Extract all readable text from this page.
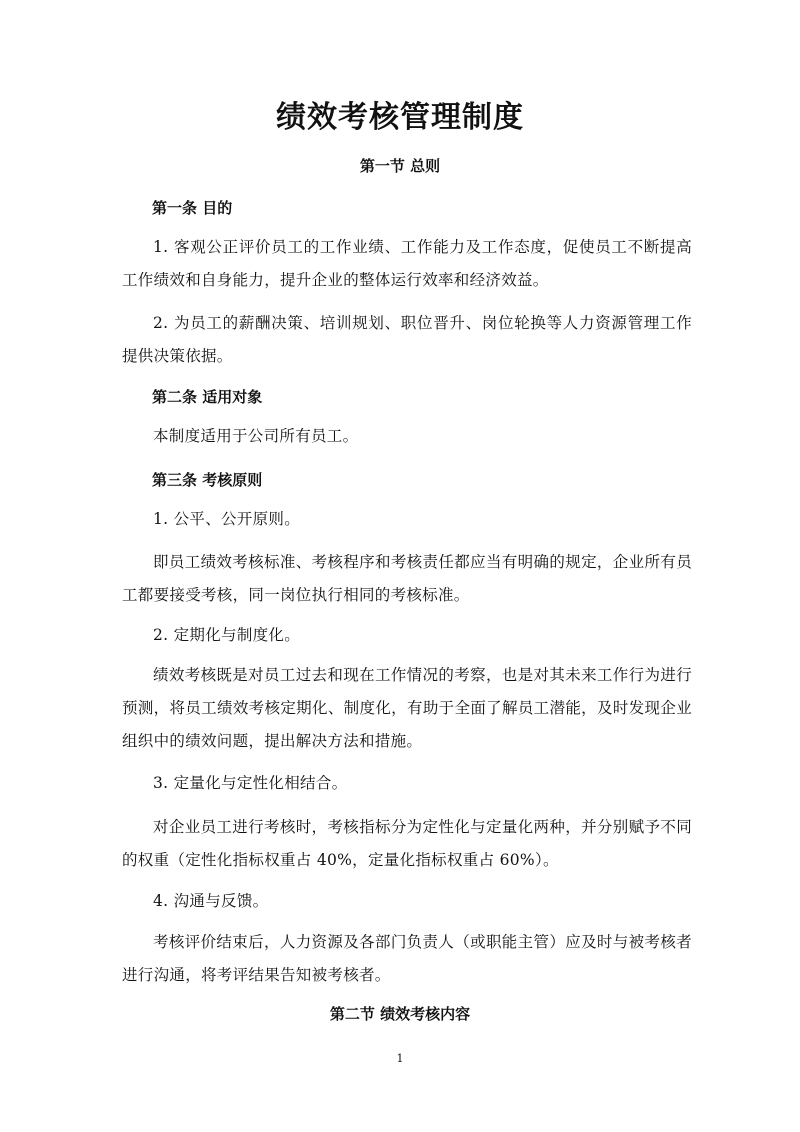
绩效考核管理制度
第一节 总则
第一条 目的

1. 客观公正评价员工的工作业绩、工作能力及工作态度，促使员工不断提高工作绩效和自身能力，提升企业的整体运行效率和经济效益。

2. 为员工的薪酬决策、培训规划、职位晋升、岗位轮换等人力资源管理工作提供决策依据。

第二条 适用对象

本制度适用于公司所有员工。

第三条 考核原则

1. 公平、公开原则。

即员工绩效考核标准、考核程序和考核责任都应当有明确的规定，企业所有员工都要接受考核，同一岗位执行相同的考核标准。

2. 定期化与制度化。

绩效考核既是对员工过去和现在工作情况的考察，也是对其未来工作行为进行预测，将员工绩效考核定期化、制度化，有助于全面了解员工潜能，及时发现企业组织中的绩效问题，提出解决方法和措施。

3. 定量化与定性化相结合。

对企业员工进行考核时，考核指标分为定性化与定量化两种，并分别赋予不同的权重（定性化指标权重占 40%，定量化指标权重占 60%）。

4. 沟通与反馈。

考核评价结束后，人力资源及各部门负责人（或职能主管）应及时与被考核者进行沟通，将考评结果告知被考核者。

第二节 绩效考核内容

1
